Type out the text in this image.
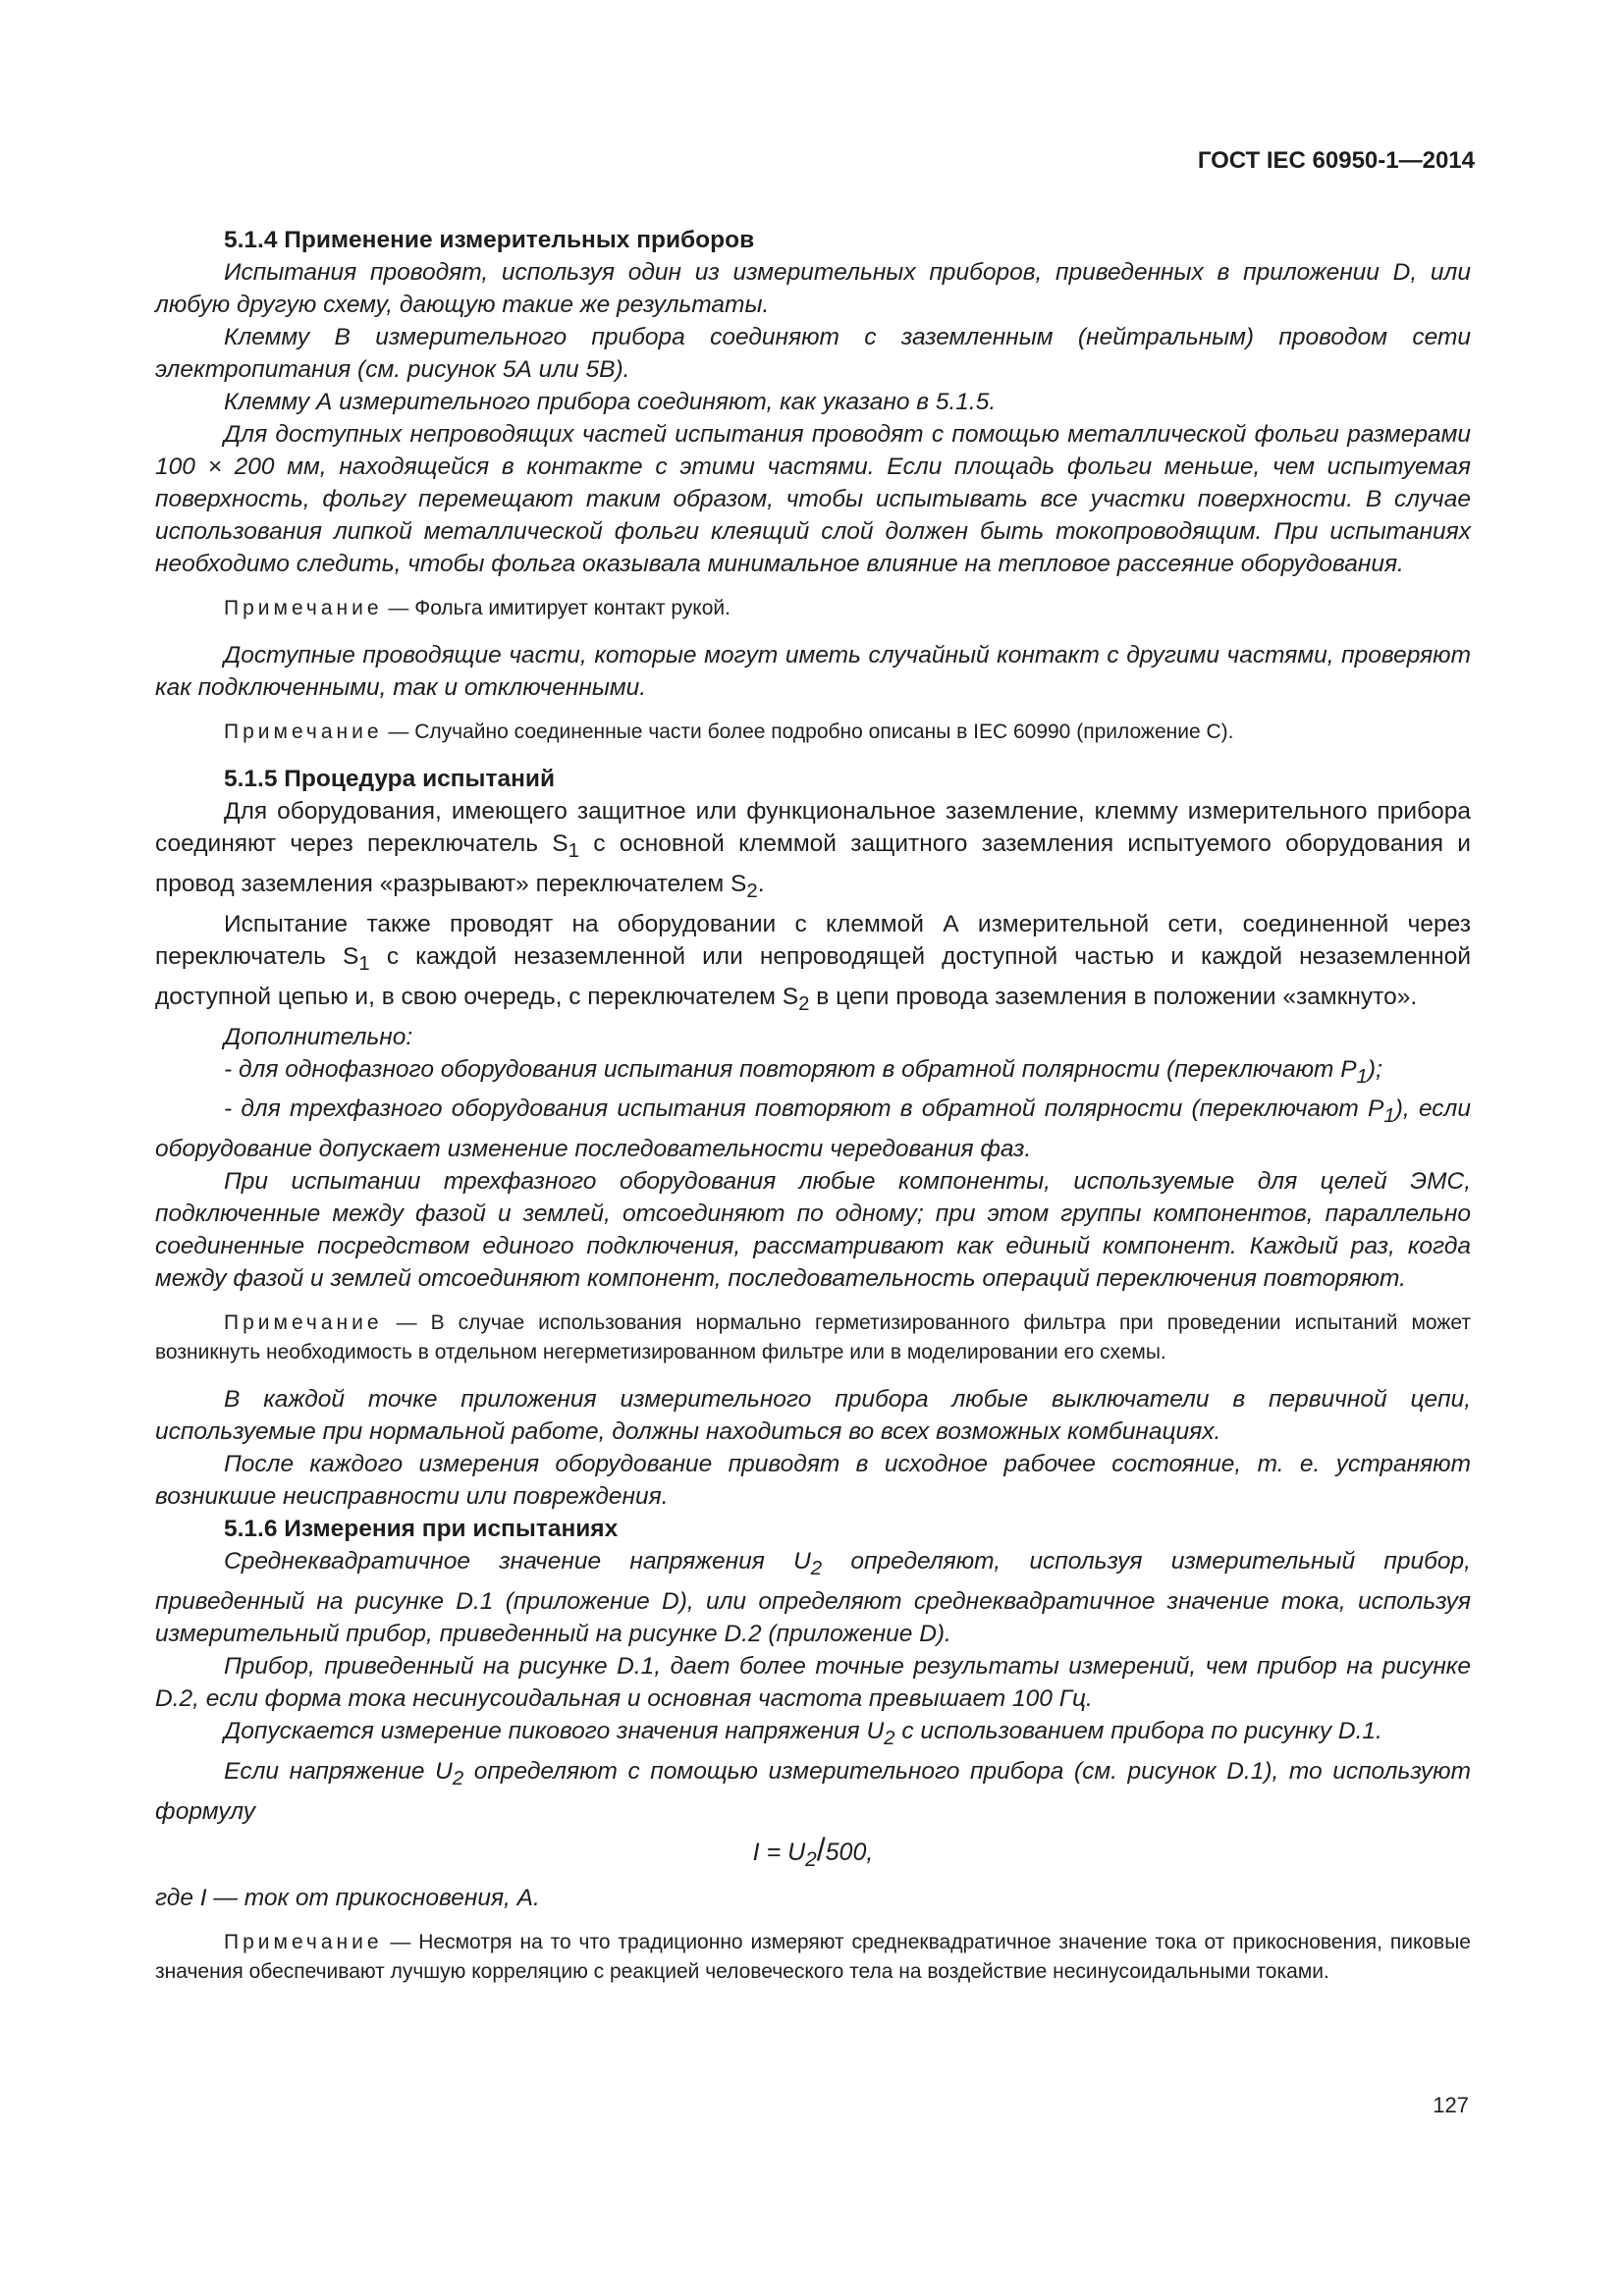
ГОСТ IEC 60950-1—2014

5.1.4 Применение измерительных приборов

Испытания проводят, используя один из измерительных приборов, приведенных в приложении D, или любую другую схему, дающую такие же результаты.

Клемму В измерительного прибора соединяют с заземленным (нейтральным) проводом сети электропитания (см. рисунок 5А или 5В).

Клемму А измерительного прибора соединяют, как указано в 5.1.5.

Для доступных непроводящих частей испытания проводят с помощью металлической фольги размерами 100 × 200 мм, находящейся в контакте с этими частями. Если площадь фольги меньше, чем испытуемая поверхность, фольгу перемещают таким образом, чтобы испытывать все участки поверхности. В случае использования липкой металлической фольги клеящий слой должен быть токопроводящим. При испытаниях необходимо следить, чтобы фольга оказывала минимальное влияние на тепловое рассеяние оборудования.

Примечание — Фольга имитирует контакт рукой.

Доступные проводящие части, которые могут иметь случайный контакт с другими частями, проверяют как подключенными, так и отключенными.

Примечание — Случайно соединенные части более подробно описаны в IEC 60990 (приложение С).

5.1.5 Процедура испытаний

Для оборудования, имеющего защитное или функциональное заземление, клемму измерительного прибора соединяют через переключатель $S_1$ с основной клеммой защитного заземления испытуемого оборудования и провод заземления «разрывают» переключателем $S_2$.

Испытание также проводят на оборудовании с клеммой А измерительной сети, соединенной через переключатель $S_1$ с каждой незаземленной или непроводящей доступной частью и каждой незаземленной доступной цепью и, в свою очередь, с переключателем $S_2$ в цепи провода заземления в положении «замкнуто».

Дополнительно:

- для однофазного оборудования испытания повторяют в обратной полярности (переключают $Р_1$);

- для трехфазного оборудования испытания повторяют в обратной полярности (переключают $Р_1$), если оборудование допускает изменение последовательности чередования фаз.

При испытании трехфазного оборудования любые компоненты, используемые для целей ЭМС, подключенные между фазой и землей, отсоединяют по одному; при этом группы компонентов, параллельно соединенные посредством единого подключения, рассматривают как единый компонент. Каждый раз, когда между фазой и землей отсоединяют компонент, последовательность операций переключения повторяют.

Примечание — В случае использования нормально герметизированного фильтра при проведении испытаний может возникнуть необходимость в отдельном негерметизированном фильтре или в моделировании его схемы.

В каждой точке приложения измерительного прибора любые выключатели в первичной цепи, используемые при нормальной работе, должны находиться во всех возможных комбинациях.

После каждого измерения оборудование приводят в исходное рабочее состояние, т. е. устраняют возникшие неисправности или повреждения.

5.1.6 Измерения при испытаниях

Среднеквадратичное значение напряжения $U_2$ определяют, используя измерительный прибор, приведенный на рисунке D.1 (приложение D), или определяют среднеквадратичное значение тока, используя измерительный прибор, приведенный на рисунке D.2 (приложение D).

Прибор, приведенный на рисунке D.1, дает более точные результаты измерений, чем прибор на рисунке D.2, если форма тока несинусоидальная и основная частота превышает 100 Гц.

Допускается измерение пикового значения напряжения $U_2$ с использованием прибора по рисунку D.1.

Если напряжение $U_2$ определяют с помощью измерительного прибора (см. рисунок D.1), то используют формулу

$I = U_2/500$,

где I — ток от прикосновения, А.

Примечание — Несмотря на то что традиционно измеряют среднеквадратичное значение тока от прикосновения, пиковые значения обеспечивают лучшую корреляцию с реакцией человеческого тела на воздействие несинусоидальными токами.

127
